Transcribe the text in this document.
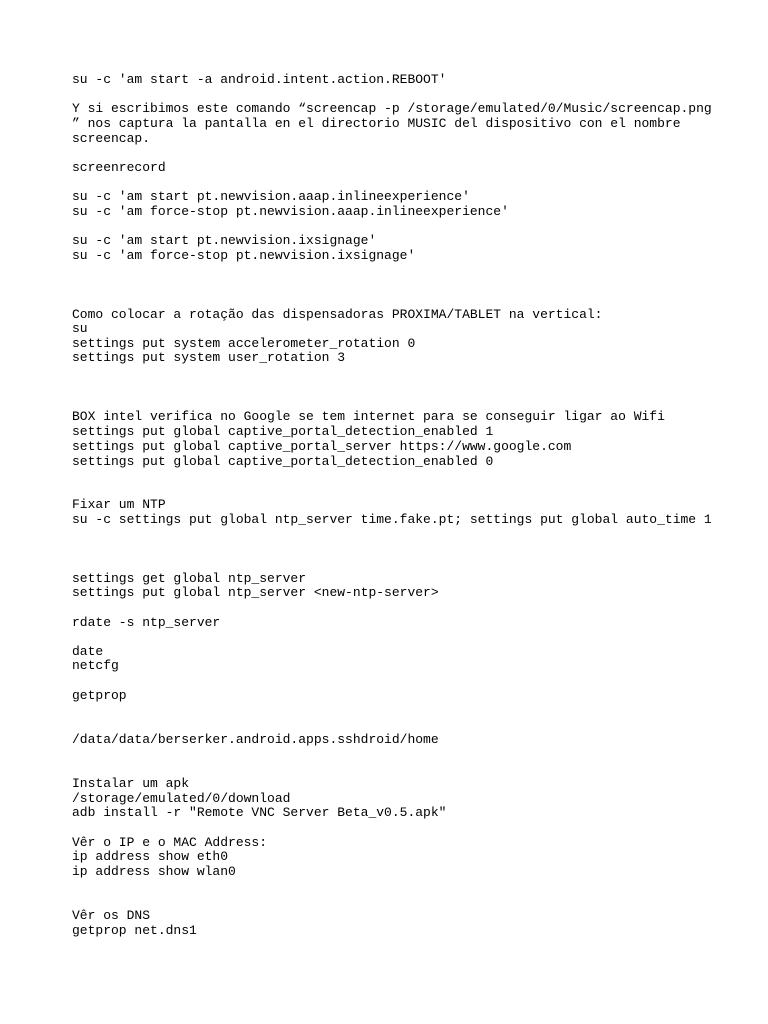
su -c 'am start -a android.intent.action.REBOOT'
Y si escribimos este comando “screencap -p /storage/emulated/0/Music/screencap.png
” nos captura la pantalla en el directorio MUSIC del dispositivo con el nombre
screencap.
screenrecord
su -c 'am start pt.newvision.aaap.inlineexperience'
su -c 'am force-stop pt.newvision.aaap.inlineexperience'
su -c 'am start pt.newvision.ixsignage'
su -c 'am force-stop pt.newvision.ixsignage'
Como colocar a rotação das dispensadoras PROXIMA/TABLET na vertical:
su
settings put system accelerometer_rotation 0
settings put system user_rotation 3
BOX intel verifica no Google se tem internet para se conseguir ligar ao Wifi
settings put global captive_portal_detection_enabled 1
settings put global captive_portal_server https://www.google.com
settings put global captive_portal_detection_enabled 0
Fixar um NTP
su -c settings put global ntp_server time.fake.pt; settings put global auto_time 1
settings get global ntp_server
settings put global ntp_server <new-ntp-server>
rdate -s ntp_server
date
netcfg
getprop
/data/data/berserker.android.apps.sshdroid/home
Instalar um apk
/storage/emulated/0/download
adb install -r "Remote VNC Server Beta_v0.5.apk"
Vêr o IP e o MAC Address:
ip address show eth0
ip address show wlan0
Vêr os DNS
getprop net.dns1
